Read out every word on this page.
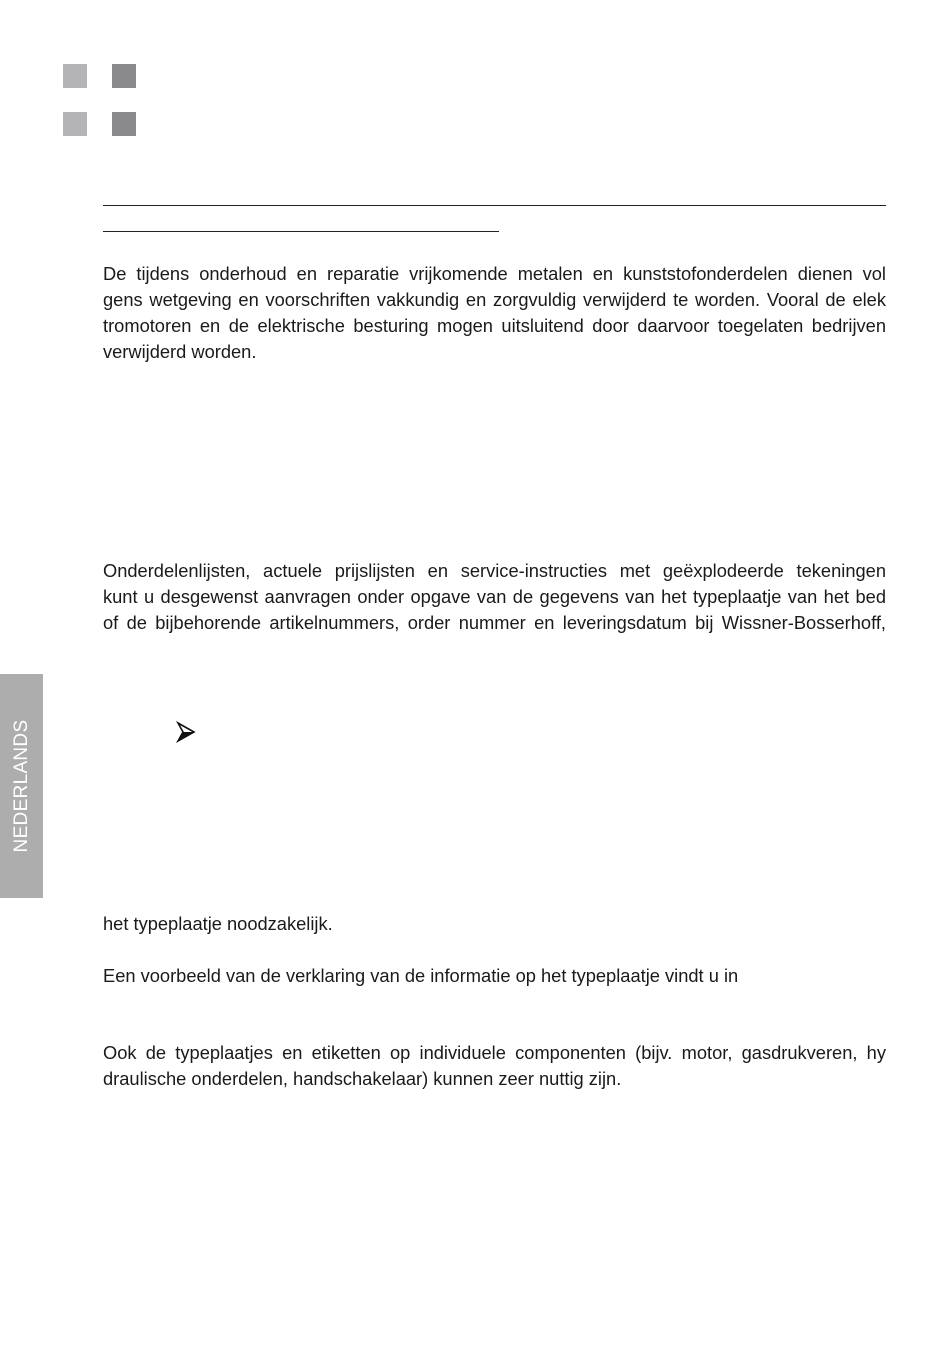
De tijdens onderhoud en reparatie vrijkomende metalen en kunststofonderdelen dienen vol
gens wetgeving en voorschriften vakkundig en zorgvuldig verwijderd te worden. Vooral de elek
tromotoren en de elektrische besturing mogen uitsluitend door daarvoor toegelaten bedrijven
verwijderd worden.
Onderdelenlijsten, actuele prijslijsten en service-instructies met geëxplodeerde tekeningen
kunt u desgewenst aanvragen onder opgave van de gegevens van het typeplaatje van het bed
of de bijbehorende artikelnummers, order nummer en leveringsdatum bij Wissner-Bosserhoff,
NEDERLANDS
het typeplaatje noodzakelijk.
Een voorbeeld van de verklaring van de informatie op het typeplaatje vindt u in
Ook de typeplaatjes en etiketten op individuele componenten (bijv. motor, gasdrukveren, hy
draulische onderdelen, handschakelaar) kunnen zeer nuttig zijn.
